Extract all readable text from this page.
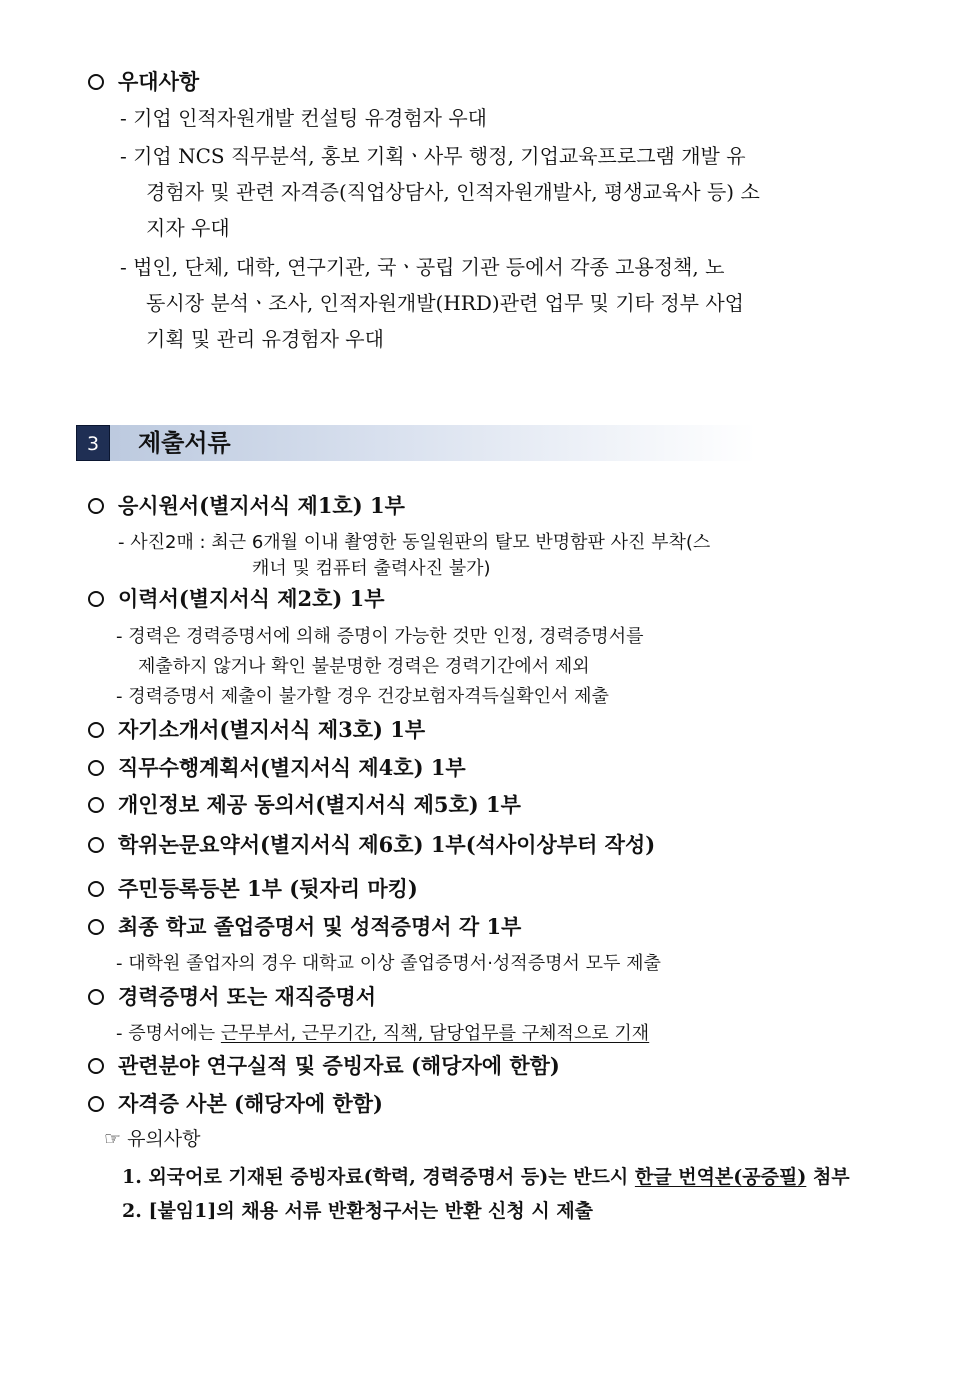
우대사항
- 기업 인적자원개발 컨설팅 유경험자 우대
- 기업 NCS 직무분석, 홍보 기획ㆍ사무 행정, 기업교육프로그램 개발 유
경험자 및 관련 자격증(직업상담사, 인적자원개발사, 평생교육사 등) 소
지자 우대
- 법인, 단체, 대학, 연구기관, 국ㆍ공립 기관 등에서 각종 고용정책, 노
동시장 분석ㆍ조사, 인적자원개발(HRD)관련 업무 및 기타 정부 사업
기획 및 관리 유경험자 우대
3	제출서류
응시원서(별지서식 제1호) 1부
- 사진2매 : 최근 6개월 이내 촬영한 동일원판의 탈모 반명함판 사진 부착(스
캐너 및 컴퓨터 출력사진 불가)
이력서(별지서식 제2호) 1부
- 경력은 경력증명서에 의해 증명이 가능한 것만 인정, 경력증명서를
제출하지 않거나 확인 불분명한 경력은 경력기간에서 제외
- 경력증명서 제출이 불가할 경우 건강보험자격득실확인서 제출
자기소개서(별지서식 제3호) 1부
직무수행계획서(별지서식 제4호) 1부
개인정보 제공 동의서(별지서식 제5호) 1부
학위논문요약서(별지서식 제6호) 1부(석사이상부터 작성)
주민등록등본 1부 (뒷자리 마킹)
최종 학교 졸업증명서 및 성적증명서 각 1부
- 대학원 졸업자의 경우 대학교 이상 졸업증명서·성적증명서 모두 제출
경력증명서 또는 재직증명서
- 증명서에는 근무부서, 근무기간, 직책, 담당업무를 구체적으로 기재
관련분야 연구실적 및 증빙자료 (해당자에 한함)
자격증 사본 (해당자에 한함)
☞ 유의사항
1. 외국어로 기재된 증빙자료(학력, 경력증명서 등)는 반드시 한글 번역본(공증필) 첨부
2. [붙임1]의 채용 서류 반환청구서는 반환 신청 시 제출
